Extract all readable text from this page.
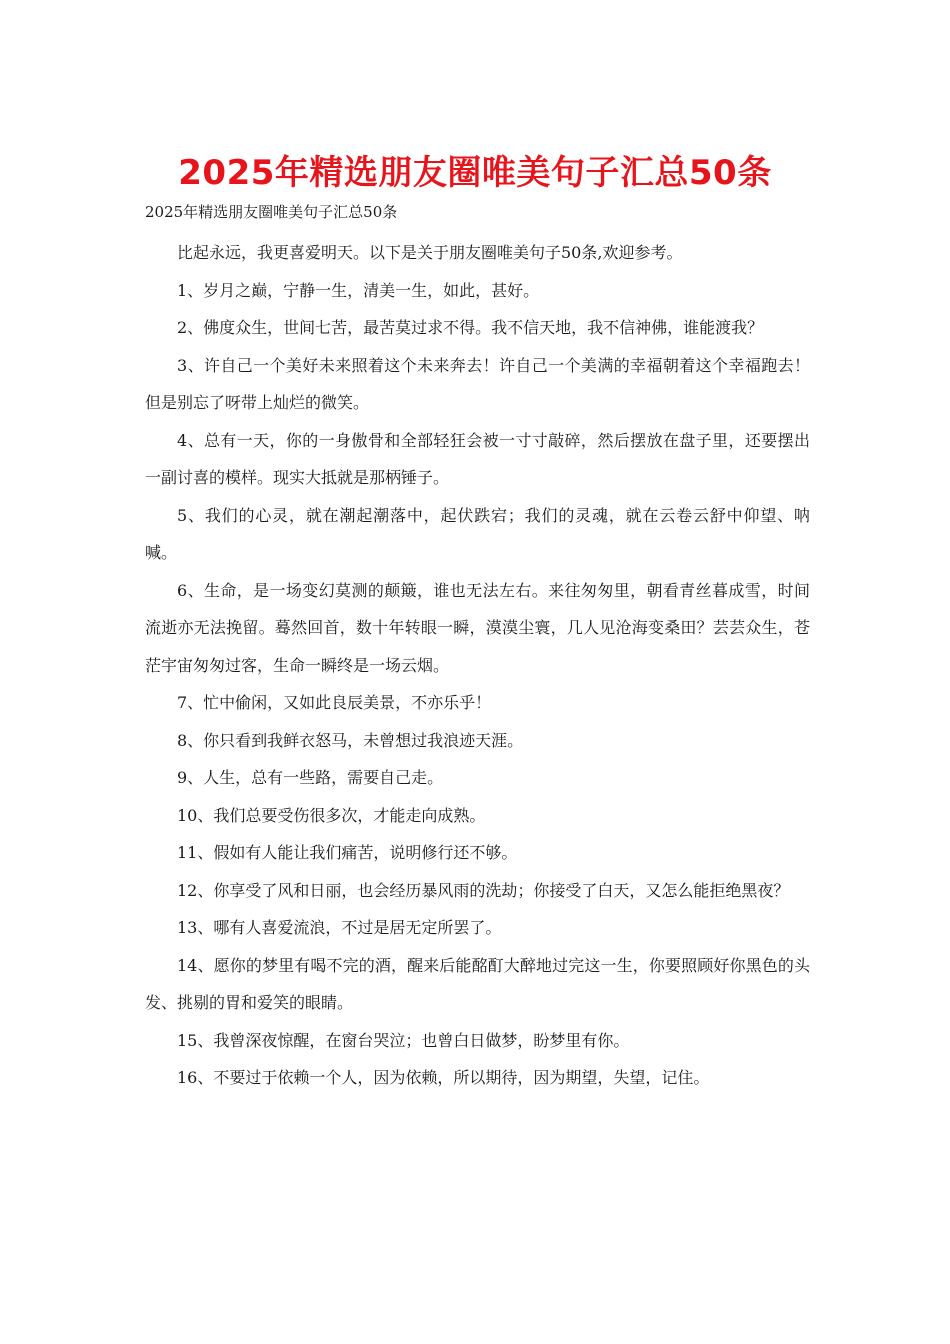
2025年精选朋友圈唯美句子汇总50条
2025年精选朋友圈唯美句子汇总50条

比起永远，我更喜爱明天。以下是关于朋友圈唯美句子50条,欢迎参考。

1、岁月之巅，宁静一生，清美一生，如此，甚好。

2、佛度众生，世间七苦，最苦莫过求不得。我不信天地，我不信神佛，谁能渡我？

3、许自己一个美好未来照着这个未来奔去！许自己一个美满的幸福朝着这个幸福跑去！但是别忘了呀带上灿烂的微笑。

4、总有一天，你的一身傲骨和全部轻狂会被一寸寸敲碎，然后摆放在盘子里，还要摆出一副讨喜的模样。现实大抵就是那柄锤子。

5、我们的心灵，就在潮起潮落中，起伏跌宕；我们的灵魂，就在云卷云舒中仰望、呐喊。

6、生命，是一场变幻莫测的颠簸，谁也无法左右。来往匆匆里，朝看青丝暮成雪，时间流逝亦无法挽留。蓦然回首，数十年转眼一瞬，漠漠尘寰，几人见沧海变桑田？芸芸众生，苍茫宇宙匆匆过客，生命一瞬终是一场云烟。

7、忙中偷闲，又如此良辰美景，不亦乐乎！

8、你只看到我鲜衣怒马，未曾想过我浪迹天涯。

9、人生，总有一些路，需要自己走。

10、我们总要受伤很多次，才能走向成熟。

11、假如有人能让我们痛苦，说明修行还不够。

12、你享受了风和日丽，也会经历暴风雨的洗劫；你接受了白天，又怎么能拒绝黑夜？

13、哪有人喜爱流浪，不过是居无定所罢了。

14、愿你的梦里有喝不完的酒，醒来后能酩酊大醉地过完这一生，你要照顾好你黑色的头发、挑剔的胃和爱笑的眼睛。

15、我曾深夜惊醒，在窗台哭泣；也曾白日做梦，盼梦里有你。

16、不要过于依赖一个人，因为依赖，所以期待，因为期望，失望，记住。
